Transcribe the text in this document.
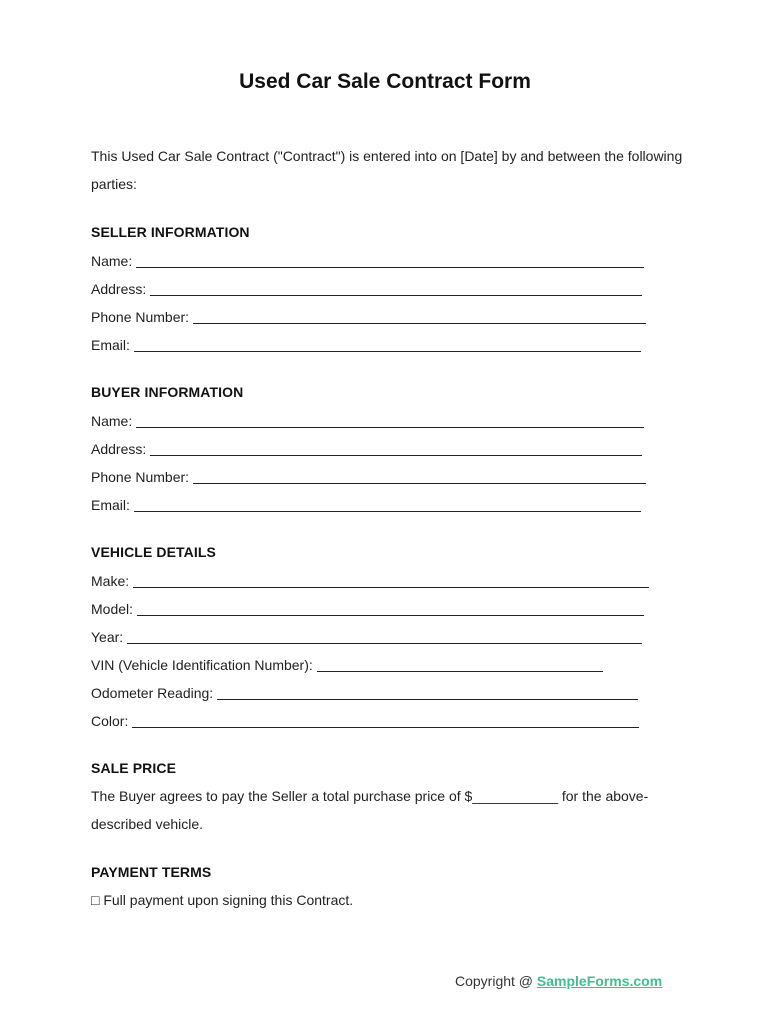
Used Car Sale Contract Form
This Used Car Sale Contract ("Contract") is entered into on [Date] by and between the following parties:
SELLER INFORMATION
Name:
Address:
Phone Number:
Email:
BUYER INFORMATION
Name:
Address:
Phone Number:
Email:
VEHICLE DETAILS
Make:
Model:
Year:
VIN (Vehicle Identification Number):
Odometer Reading:
Color:
SALE PRICE
The Buyer agrees to pay the Seller a total purchase price of $___________ for the above-described vehicle.
PAYMENT TERMS
□ Full payment upon signing this Contract.
Copyright @ SampleForms.com
